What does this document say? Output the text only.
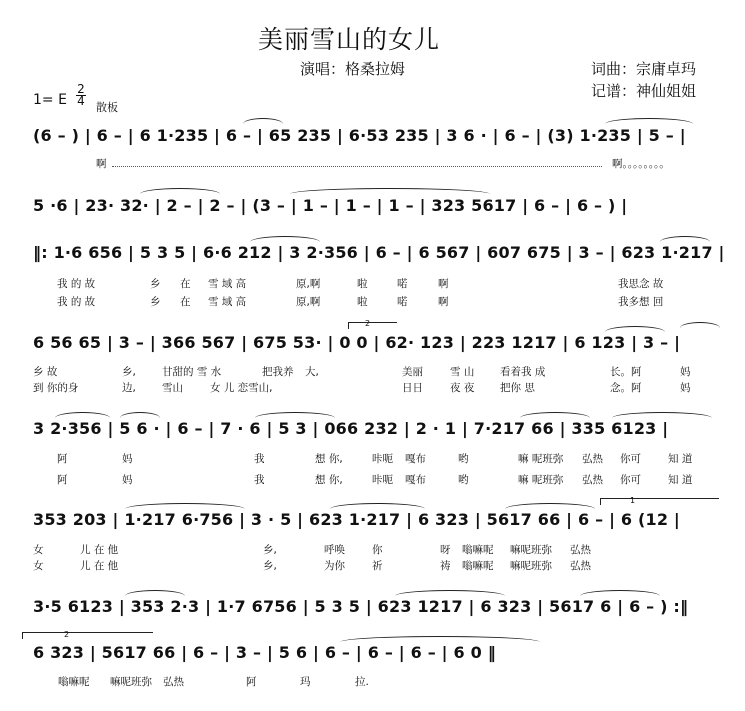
美丽雪山的女儿
演唱：格桑拉姆	词曲：宗庸卓玛
记谱：神仙姐姐
1= E
2
4 散板
(6 – ) | 6 – | 6 1·235 | 6 – | 65 235 | 6·53 235 | 3 6 · | 6 – | (3) 1·235 | 5 – |
啊	啊。。。。。。。。
5 ·6 | 23· 32· | 2 – | 2 – | (3 – | 1 – | 1 – | 1 – | 323 5617 | 6 – | 6 – ) |
‖: 1·6 656 | 5 3 5 | 6·6 212 | 3 2·356 | 6 – | 6 567 | 607 675 | 3 – | 623 1·217 |
我 的 故	乡 在 雪 域 高	原,啊	啦	喏	啊	我思念 故
我 的 故	乡 在 雪 域 高	原,啊	啦	喏	啊	我多想 回
6 56 65 | 3 – | 366 567 | 675 53· | 0 0 | 62· 123 | 223 1217 | 6 123 | 3 – |
2
乡 故	乡, 甘甜的 雪 水	把我养 大,	美丽	雪 山 看着我 成	长。阿	妈
到 你的身	边, 雪山	女 儿 恋雪山,	日日	夜 夜 把你 思	念。阿	妈
3 2·356 | 5 6 · | 6 – | 7 · 6 | 5 3 | 066 232 | 2 · 1 | 7·217 66 | 335 6123 |
阿	妈	我	想 你,	咔呃 嘎布	哟	嘛 呢班弥 弘热 你可	知 道
阿	妈	我	想 你,	咔呃 嘎布	哟	嘛 呢班弥 弘热 你可	知 道
353 203 | 1·217 6·756 | 3 · 5 | 623 1·217 | 6 323 | 5617 66 | 6 – | 6 (12 |
1
女	儿 在 他	乡,	呼唤	你	呀 嗡嘛呢 嘛呢班弥 弘热
女	儿 在 他	乡,	为你	祈	祷 嗡嘛呢 嘛呢班弥 弘热
3·5 6123 | 353 2·3 | 1·7 6756 | 5 3 5 | 623 1217 | 6 323 | 5617 6 | 6 – ) :‖
6 323 | 5617 66 | 6 – | 3 – | 5 6 | 6 – | 6 – | 6 – | 6 0 ‖
2
嗡嘛呢 嘛呢班弥 弘热	阿	玛	拉.
